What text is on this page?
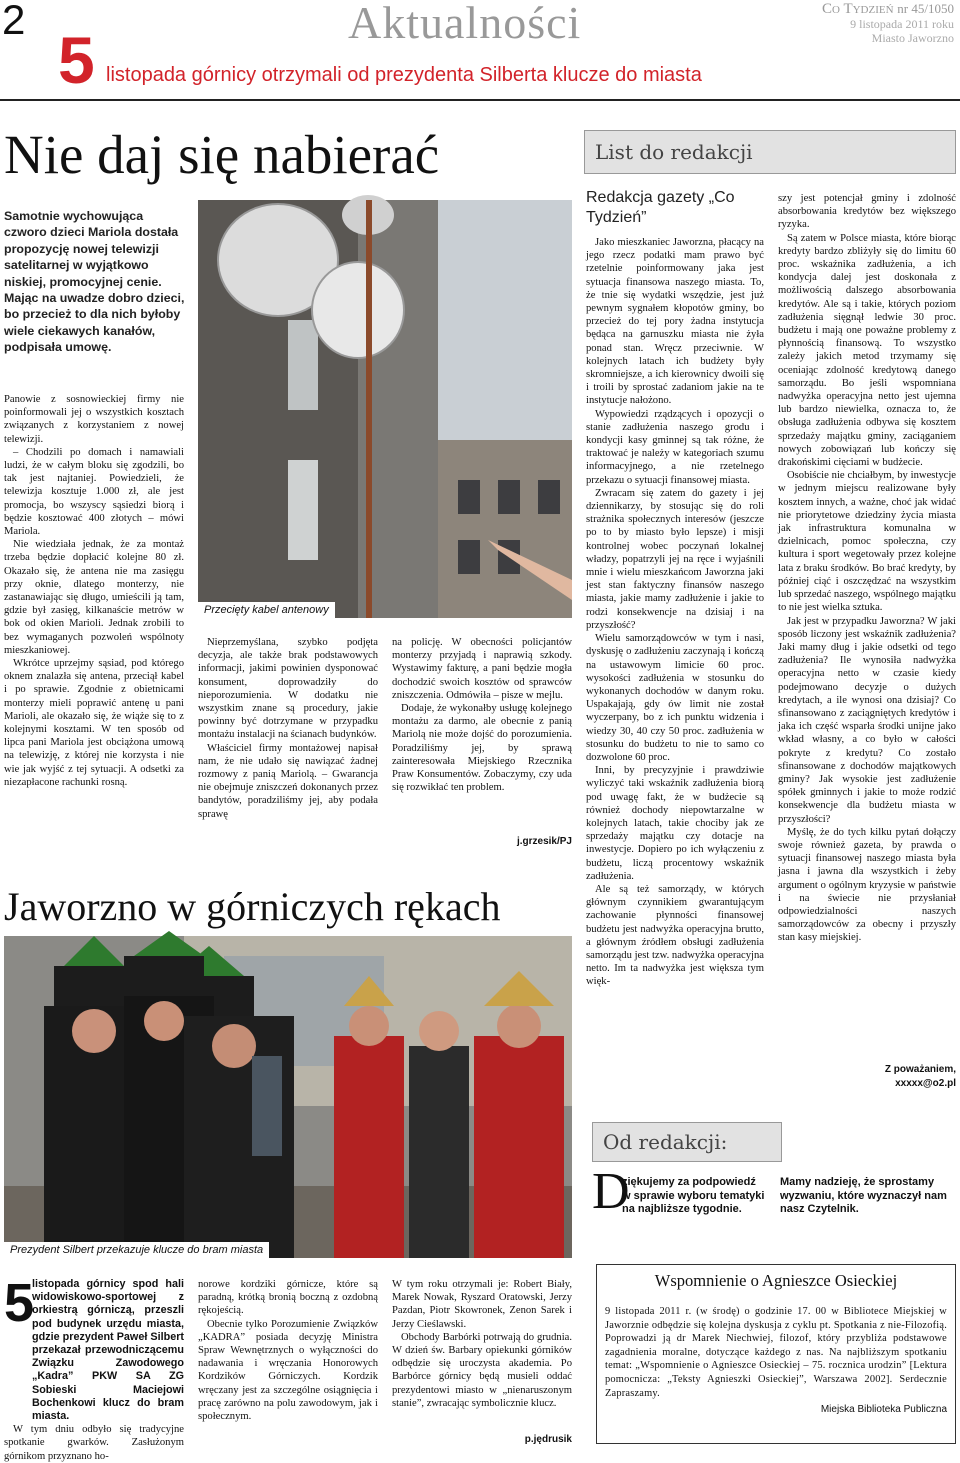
2	Aktualności	Co Tydzień nr 45/1050
9 listopada 2011 roku
Miasto Jaworzno
5 listopada górnicy otrzymali od prezydenta Silberta klucze do miasta
Nie daj się nabierać
Samotnie wychowująca czworo dzieci Mariola dostała propozycję nowej telewizji satelitarnej w wyjątkowo niskiej, promocyjnej cenie. Mając na uwadze dobro dzieci, bo przecież to dla nich byłoby wiele ciekawych kanałów, podpisała umowę.

Panowie z sosnowieckiej firmy nie poinformowali jej o wszystkich kosztach związanych z korzystaniem z nowej telewizji.

– Chodzili po domach i namawiali ludzi, że w całym bloku się zgodzili, bo tak jest najtaniej. Powiedzieli, że telewizja kosztuje 1.000 zł, ale jest promocja, bo wszyscy sąsiedzi biorą i będzie kosztować 400 złotych – mówi Mariola.

Nie wiedziała jednak, że za montaż trzeba będzie dopłacić kolejne 80 zł. Okazało się, że antena nie ma zasięgu przy oknie, dlatego monterzy, nie zastanawiając się długo, umieścili ją tam, gdzie był zasięg, kilkanaście metrów w bok od okien Marioli. Jednak zrobili to bez wymaganych pozwoleń wspólnoty mieszkaniowej.

Wkrótce uprzejmy sąsiad, pod którego oknem znalazła się antena, przeciął kabel i po sprawie. Zgodnie z obietnicami monterzy mieli poprawić antenę u pani Marioli, ale okazało się, że wiąże się to z kolejnymi kosztami. W ten sposób od lipca pani Mariola jest obciążona umową na telewizję, z której nie korzysta i nie wie jak wyjść z tej sytuacji. A odsetki za niezapłacone rachunki rosną.

Przecięty kabel antenowy

Nieprzemyślana, szybko podjęta decyzja, ale także brak podstawowych informacji, jakimi powinien dysponować konsument, doprowadziły do nieporozumienia. W dodatku nie wszystkim znane są procedury, jakie powinny być dotrzymane w przypadku montażu instalacji na ścianach budynków.

Właściciel firmy montażowej napisał nam, że nie udało się nawiązać żadnej rozmowy z panią Mariolą. – Gwarancja nie obejmuje zniszczeń dokonanych przez bandytów, poradziliśmy jej, aby podała sprawę

na policję. W obecności policjantów monterzy przyjadą i naprawią szkody. Wystawimy fakturę, a pani będzie mogła dochodzić swoich kosztów od sprawców zniszczenia. Odmówiła – pisze w mejlu.

Dodaje, że wykonałby usługę kolejnego montażu za darmo, ale obecnie z panią Mariolą nie może dojść do porozumienia. Poradziliśmy jej, by sprawą zainteresowała Miejskiego Rzecznika Praw Konsumentów. Zobaczymy, czy uda się rozwikłać ten problem.

j.grzesik/PJ
List do redakcji
Redakcja gazety „Co Tydzień”

Jako mieszkaniec Jaworzna, płacący na jego rzecz podatki mam prawo być rzetelnie poinformowany jaka jest sytuacja finansowa naszego miasta. To, że tnie się wydatki wszędzie, jest już pewnym sygnałem kłopotów gminy, bo przecież do tej pory żadna instytucja będąca na garnuszku miasta nie żyła ponad stan. Wręcz przeciwnie. W kolejnych latach ich budżety były skromniejsze, a ich kierownicy dwoili się i troili by sprostać zadaniom jakie na te instytucje nałożono.

Wypowiedzi rządzących i opozycji o stanie zadłużenia naszego grodu i kondycji kasy gminnej są tak różne, że traktować je należy w kategoriach szumu informacyjnego, a nie rzetelnego przekazu o sytuacji finansowej miasta.

Zwracam się zatem do gazety i jej dziennikarzy, by stosując się do roli strażnika społecznych interesów (jeszcze po to by miasto było lepsze) i misji kontrolnej wobec poczynań lokalnej władzy, popatrzyli jej na ręce i wyjaśnili mnie i wielu mieszkańcom Jaworzna jaki jest stan faktyczny finansów naszego miasta, jakie mamy zadłużenie i jakie to rodzi konsekwencje na dzisiaj i na przyszłość?

Wielu samorządowców w tym i nasi, dyskusję o zadłużeniu zaczynają i kończą na ustawowym limicie 60 proc. wysokości zadłużenia w stosunku do wykonanych dochodów w danym roku. Uspakajają, gdy ów limit nie został wyczerpany, bo z ich punktu widzenia i wiedzy 30, 40 czy 50 proc. zadłużenia w stosunku do budżetu to nie to samo co dozwolone 60 proc.

Inni, by precyzyjnie i prawdziwie wyliczyć taki wskaźnik zadłużenia biorą pod uwagę fakt, że w budżecie są również dochody niepowtarzalne w kolejnych latach, takie chociby jak ze sprzedaży majątku czy dotacje na inwestycje. Dopiero po ich wyłączeniu z budżetu, liczą procentowy wskaźnik zadłużenia.

Ale są też samorządy, w których głównym czynnikiem gwarantującym zachowanie płynności finansowej budżetu jest nadwyżka operacyjna brutto, a głównym źródłem obsługi zadłużenia samorządu jest tzw. nadwyżka operacyjna netto. Im ta nadwyżka jest większa tym więk-

szy jest potencjał gminy i zdolność absorbowania kredytów bez większego ryzyka.

Są zatem w Polsce miasta, które biorąc kredyty bardzo zbliżyły się do limitu 60 proc. wskaźnika zadłużenia, a ich kondycja dalej jest doskonała z możliwością dalszego absorbowania kredytów. Ale są i takie, których poziom zadłużenia sięgnął ledwie 30 proc. budżetu i mają one poważne problemy z płynnością finansową. To wszystko zależy jakich metod trzymamy się oceniając zdolność kredytową danego samorządu. Bo jeśli wspomniana nadwyżka operacyjna netto jest ujemna lub bardzo niewielka, oznacza to, że obsługa zadłużenia odbywa się kosztem sprzedaży majątku gminy, zaciąganiem nowych zobowiązań lub kończy się drakońskimi cięciami w budżecie.

Osobiście nie chciałbym, by inwestycje w jednym miejscu realizowane były kosztem innych, a ważne, choć jak widać nie priorytetowe dziedziny życia miasta jak infrastruktura komunalna w dzielnicach, pomoc społeczna, czy kultura i sport wegetowały przez kolejne lata z braku środków. Bo brać kredyty, by później ciąć i oszczędzać na wszystkim lub sprzedać naszego, wspólnego majątku to nie jest wielka sztuka.

Jak jest w przypadku Jaworzna? W jaki sposób liczony jest wskaźnik zadłużenia? Jaki mamy dług i jakie odsetki od tego zadłużenia? Ile wynosiła nadwyżka operacyjna netto w czasie kiedy podejmowano decyzje o dużych kredytach, a ile wynosi ona dzisiaj? Co sfinansowano z zaciągniętych kredytów i jaka ich część wsparła środki unijne jako wkład własny, a co było w całości pokryte z kredytu? Co zostało sfinansowane z dochodów majątkowych gminy? Jak wysokie jest zadłużenie spółek gminnych i jakie to może rodzić konsekwencje dla budżetu miasta w przyszłości?

Myślę, że do tych kilku pytań dołączy swoje również gazeta, by prawda o sytuacji finansowej naszego miasta była jasna i jawna dla wszystkich i żeby argument o ogólnym kryzysie w państwie i na świecie nie przysłaniał odpowiedzialności naszych samorządowców za obecny i przyszły stan kasy miejskiej.

Z poważaniem,
xxxxx@o2.pl
Od redakcji:
D
ziękujemy za podpowiedź w sprawie wyboru tematyki na najbliższe tygodnie.
Mamy nadzieję, że sprostamy wyzwaniu, które wyznaczył nam nasz Czytelnik.
Jaworzno w górniczych rękach
Prezydent Silbert przekazuje klucze do bram miasta
5

listopada górnicy spod hali widowiskowo-sportowej z orkiestrą górniczą, przeszli pod budynek urzędu miasta, gdzie prezydent Paweł Silbert przekazał przewodniczącemu Związku Zawodowego „Kadra” PKW SA ZG Sobieski Maciejowi Bochenkowi klucz do bram miasta.

W tym dniu odbyło się tradycyjne spotkanie gwarków. Zasłużonym górnikom przyznano ho-

norowe kordziki górnicze, które są paradną, krótką bronią boczną z ozdobną rękojeścią.

Obecnie tylko Porozumienie Związków „KADRA” posiada decyzję Ministra Spraw Wewnętrznych o wyłączności do nadawania i wręczania Honorowych Kordzików Górniczych. Kordzik wręczany jest za szczególne osiągnięcia i pracę zarówno na polu zawodowym, jak i społecznym.

W tym roku otrzymali je: Robert Biały, Marek Nowak, Ryszard Oratowski, Jerzy Pazdan, Piotr Skowronek, Zenon Sarek i Jerzy Cieślawski.

Obchody Barbórki potrwają do grudnia. W dzień św. Barbary opiekunki górników odbędzie się uroczysta akademia. Po Barbórce górnicy będą musieli oddać prezydentowi miasto w „nienaruszonym stanie”, zwracając symbolicznie klucz.

p.jędrusik
Wspomnienie o Agnieszce Osieckiej
9 listopada 2011 r. (w środę) o godzinie 17. 00 w Bibliotece Miejskiej w Jaworznie odbędzie się kolejna dyskusja z cyklu pt. Spotkania z nie-Filozofią. Poprowadzi ją dr Marek Niechwiej, filozof, który przybliża podstawowe zagadnienia moralne, dotyczące każdego z nas. Na najbliższym spotkaniu temat: „Wspomnienie o Agnieszce Osieckiej – 75. rocznica urodzin” [Lektura pomocnicza: „Teksty Agnieszki Osieckiej”, Warszawa 2002]. Serdecznie Zapraszamy.
Miejska Biblioteka Publiczna
